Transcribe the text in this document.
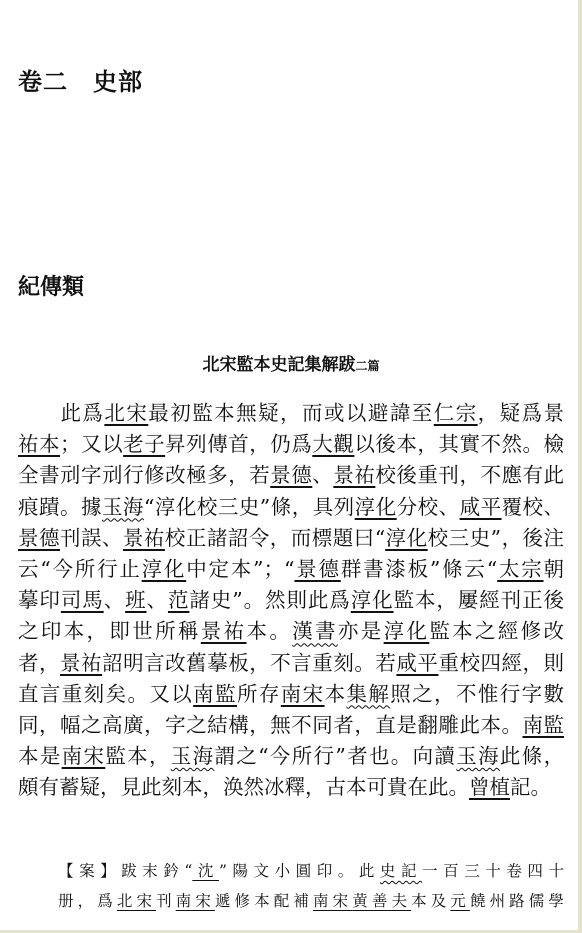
卷二　史部
紀傳類
北宋監本史記集解跋二篇
此爲北宋最初監本無疑，而或以避諱至仁宗，疑爲景
祐本；又以老子昇列傳首，仍爲大觀以後本，其實不然。檢
全書刓字刓行修改極多，若景德、景祐校後重刊，不應有此
痕蹟。據玉海“淳化校三史”條，具列淳化分校、咸平覆校、
景德刊誤、景祐校正諸詔令，而標題曰“淳化校三史”，後注
云“今所行止淳化中定本”；“景德群書漆板”條云“太宗朝
摹印司馬、班、范諸史”。然則此爲淳化監本，屢經刊正後
之印本，即世所稱景祐本。漢書亦是淳化監本之經修改
者，景祐詔明言改舊摹板，不言重刻。若咸平重校四經，則
直言重刻矣。又以南監所存南宋本集解照之，不惟行字數
同，幅之高廣，字之結構，無不同者，直是翻雕此本。南監
本是南宋監本，玉海謂之“今所行”者也。向讀玉海此條，
頗有蓄疑，見此刻本，涣然冰釋，古本可貴在此。曾植記。
【案】跋末鈐“沈”陽文小圓印。此史記一百三十卷四十
册，爲北宋刊南宋遞修本配補南宋黄善夫本及元饒州路儒學
